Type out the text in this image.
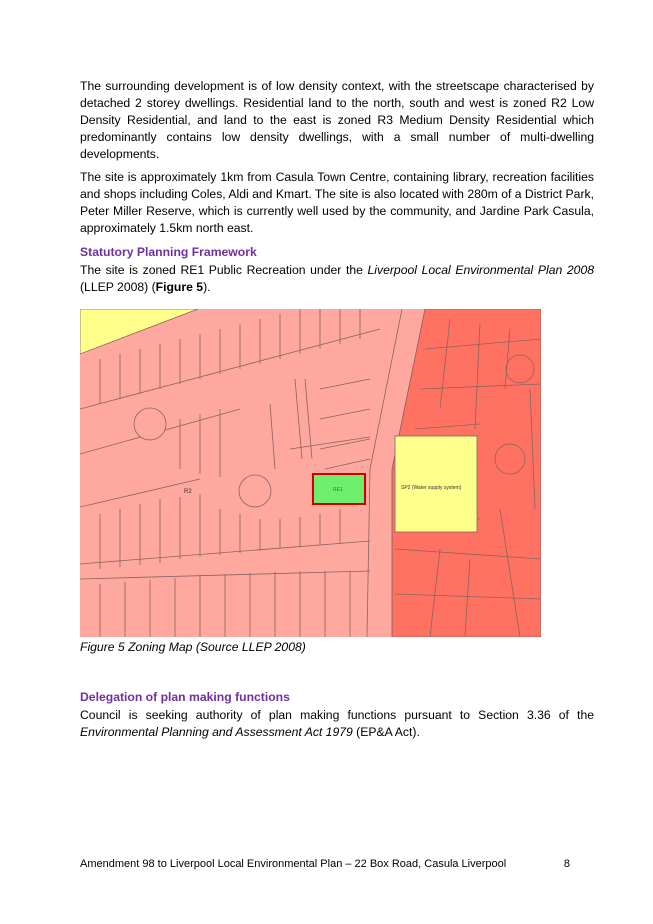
The surrounding development is of low density context, with the streetscape characterised by detached 2 storey dwellings. Residential land to the north, south and west is zoned R2 Low Density Residential, and land to the east is zoned R3 Medium Density Residential which predominantly contains low density dwellings, with a small number of multi-dwelling developments.

The site is approximately 1km from Casula Town Centre, containing library, recreation facilities and shops including Coles, Aldi and Kmart. The site is also located with 280m of a District Park, Peter Miller Reserve, which is currently well used by the community, and Jardine Park Casula, approximately 1.5km north east.

Statutory Planning Framework

The site is zoned RE1 Public Recreation under the Liverpool Local Environmental Plan 2008 (LLEP 2008) (Figure 5).

R2
SP2 (Water supply system)
RE1

Figure 5 Zoning Map (Source LLEP 2008)

Delegation of plan making functions

Council is seeking authority of plan making functions pursuant to Section 3.36 of the Environmental Planning and Assessment Act 1979 (EP&A Act).

Amendment 98 to Liverpool Local Environmental Plan – 22 Box Road, Casula Liverpool	8
